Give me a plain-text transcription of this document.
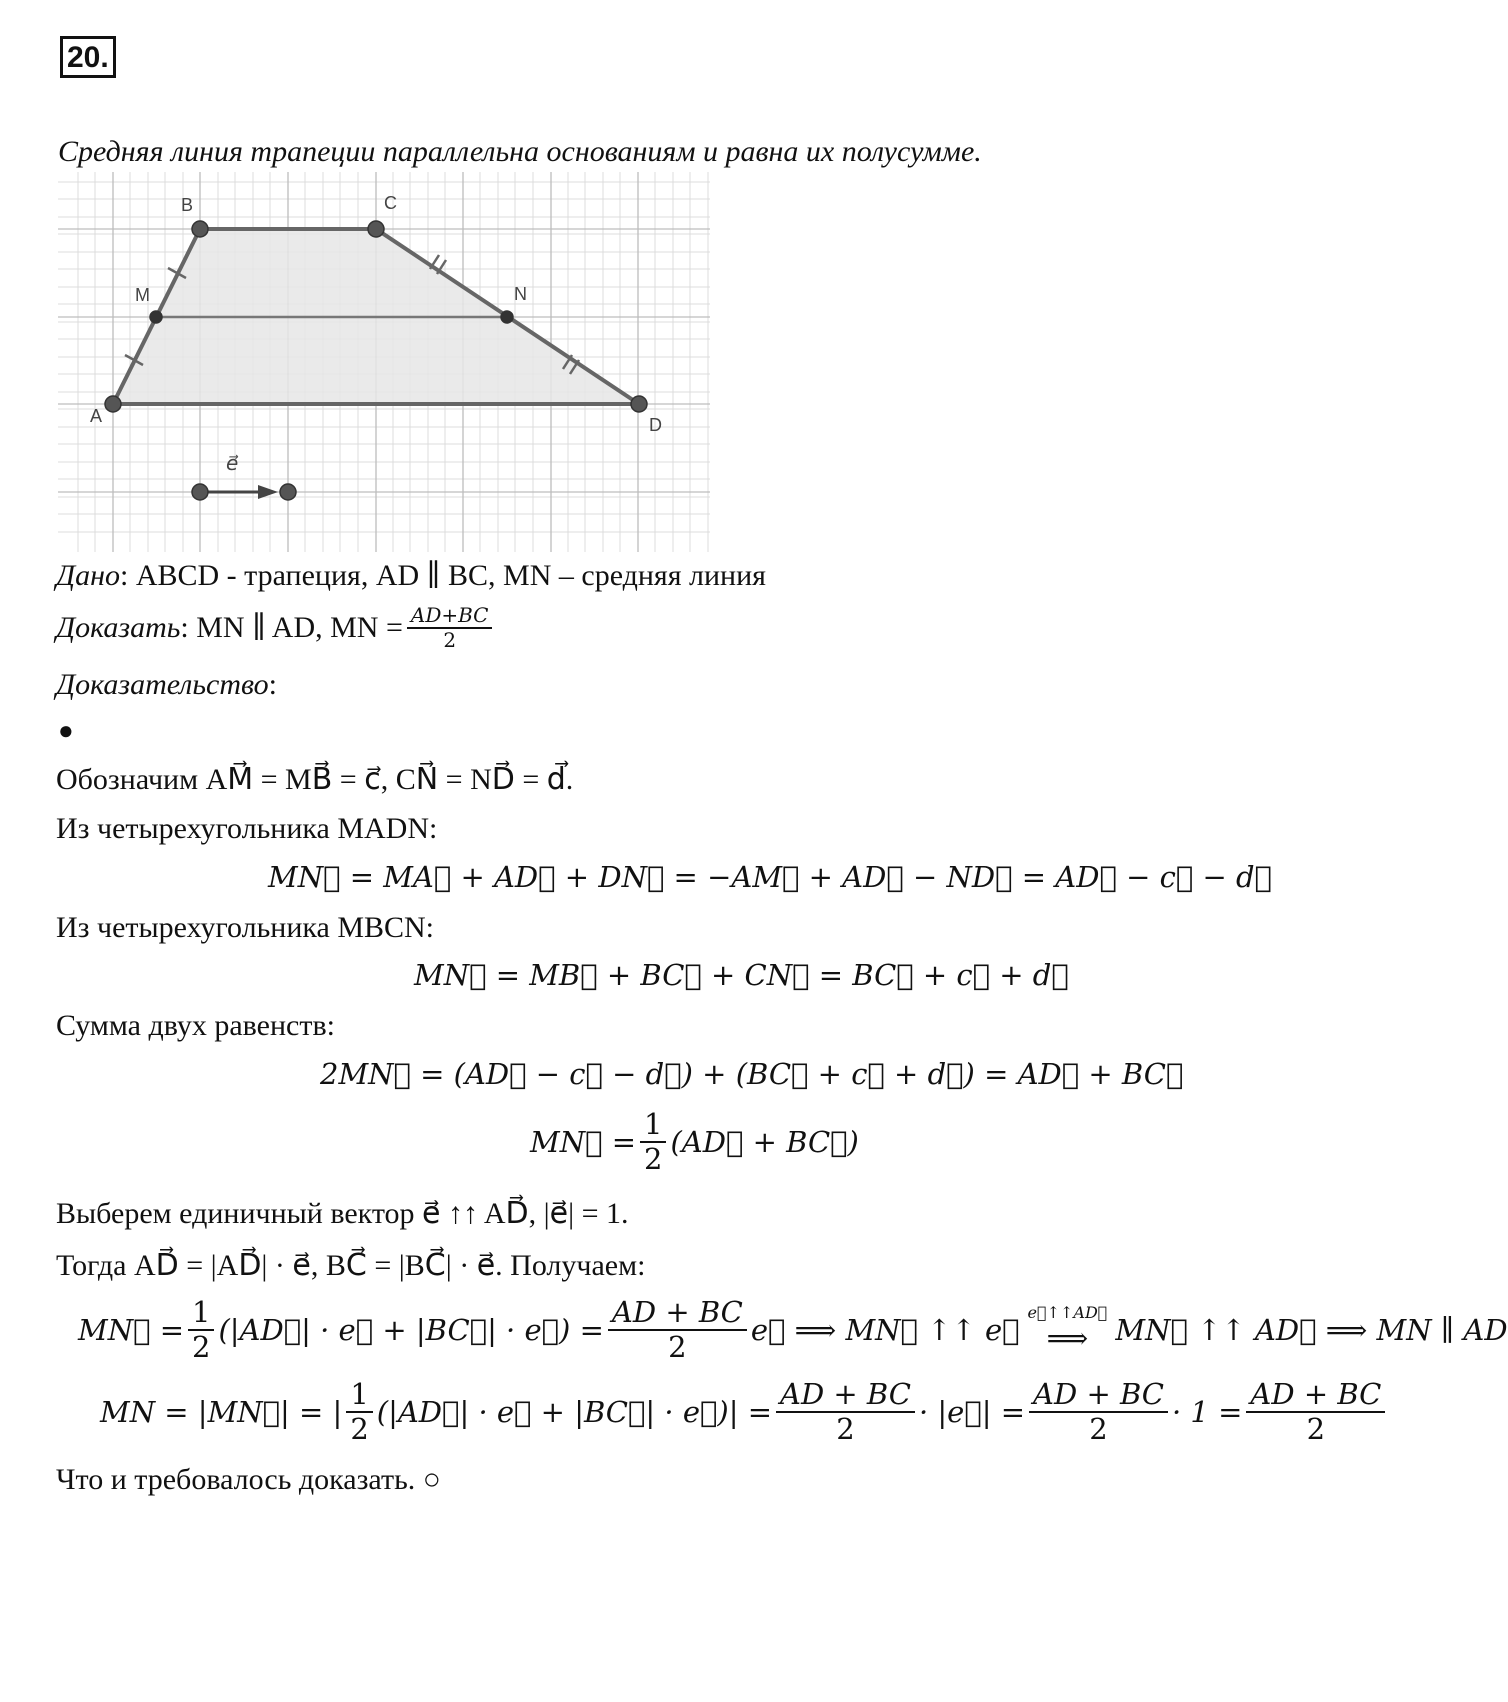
20.
Средняя линия трапеции параллельна основаниям и равна их полусумме.
B	C
M	N
A	D
e⃗
Дано: ABCD - трапеция, AD ∥ BC, MN – средняя линия
Доказать : MN ∥ AD, MN = $\frac{AD+BC}{2}$
Доказательство:
●
Обозначим AM⃗ = MB⃗ = c⃗, CN⃗ = ND⃗ = d⃗.
Из четырехугольника MADN:
MN⃗ = MA⃗ + AD⃗ + DN⃗ = −AM⃗ + AD⃗ − ND⃗ = AD⃗ − c⃗ − d⃗
Из четырехугольника MBCN:
MN⃗ = MB⃗ + BC⃗ + CN⃗ = BC⃗ + c⃗ + d⃗
Сумма двух равенств:
2MN⃗ = (AD⃗ − c⃗ − d⃗) + (BC⃗ + c⃗ + d⃗) = AD⃗ + BC⃗
MN⃗ = $\frac{1}{2}$ (AD⃗ + BC⃗)
Выберем единичный вектор e⃗ ↑↑ AD⃗, |e⃗| = 1.
Тогда AD⃗ = |AD⃗| · e⃗, BC⃗ = |BC⃗| · e⃗. Получаем:
MN⃗ = $\frac{1}{2}$ (|AD⃗| · e⃗ + |BC⃗| · e⃗) = $\frac{AD + BC}{2}$ e⃗ ⟹ MN⃗ ↑↑ e⃗
e⃗↑↑AD⃗
⟹ MN⃗ ↑↑ AD⃗ ⟹ MN ∥ AD
MN = |MN⃗| = | $\frac{1}{2}$ (|AD⃗| · e⃗ + |BC⃗| · e⃗)| = $\frac{AD + BC}{2}$ · |e⃗| = $\frac{AD + BC}{2} \cdot 1 = \frac{AD + BC}{2}$
Что и требовалось доказать. ○
